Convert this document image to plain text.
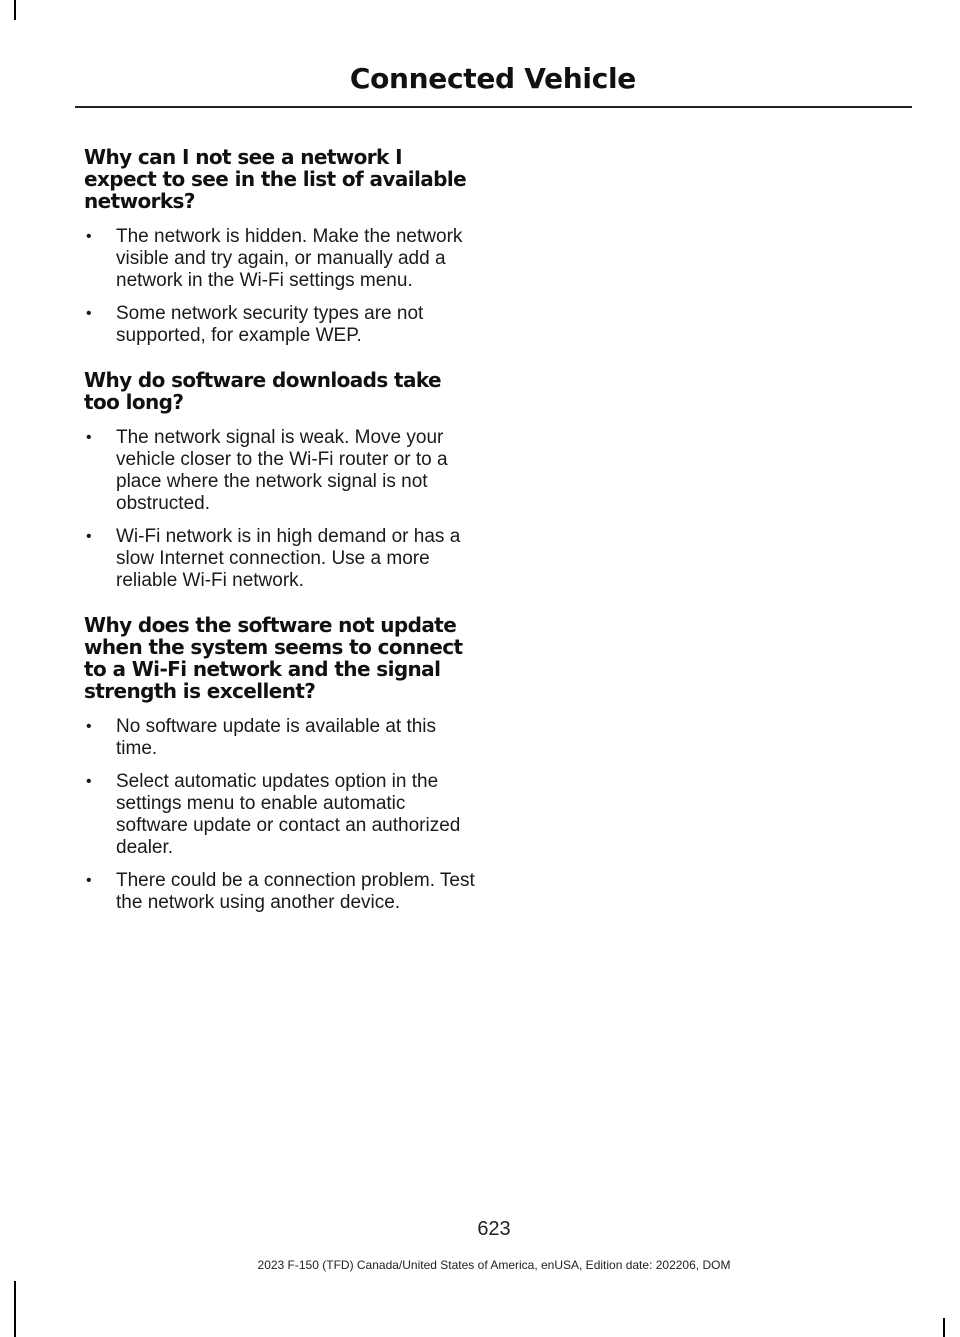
Connected Vehicle
Why can I not see a network I expect to see in the list of available networks?
• The network is hidden. Make the network visible and try again, or manually add a network in the Wi-Fi settings menu.
• Some network security types are not supported, for example WEP.
Why do software downloads take too long?
• The network signal is weak. Move your vehicle closer to the Wi-Fi router or to a place where the network signal is not obstructed.
• Wi-Fi network is in high demand or has a slow Internet connection. Use a more reliable Wi-Fi network.
Why does the software not update when the system seems to connect to a Wi-Fi network and the signal strength is excellent?
• No software update is available at this time.
• Select automatic updates option in the settings menu to enable automatic software update or contact an authorized dealer.
• There could be a connection problem. Test the network using another device.
623
2023 F-150 (TFD) Canada/United States of America, enUSA, Edition date: 202206, DOM
